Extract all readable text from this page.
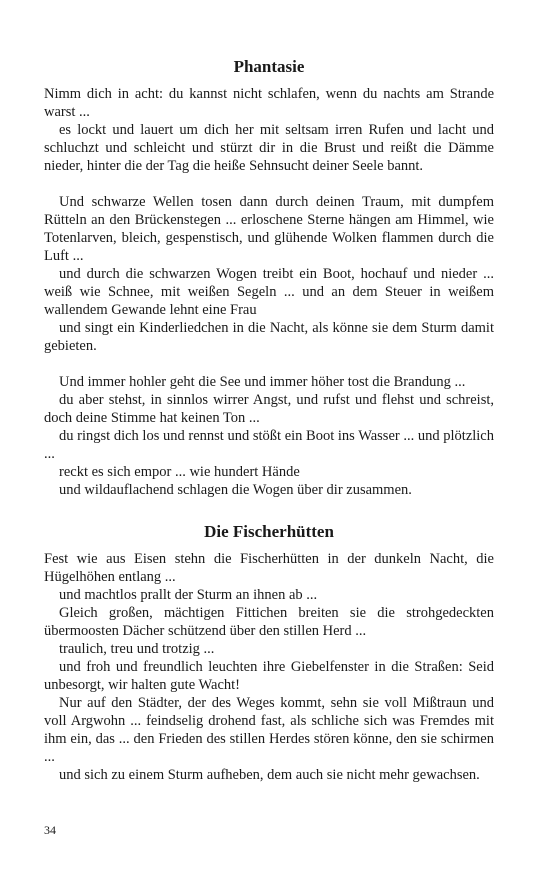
Phantasie

Nimm dich in acht: du kannst nicht schlafen, wenn du nachts am Strande warst ...

es lockt und lauert um dich her mit seltsam irren Rufen und lacht und schluchzt und schleicht und stürzt dir in die Brust und reißt die Dämme nieder, hinter die der Tag die heiße Sehnsucht deiner Seele bannt.

Und schwarze Wellen tosen dann durch deinen Traum, mit dumpfem Rütteln an den Brückenstegen ... erloschene Sterne hängen am Himmel, wie Totenlarven, bleich, gespenstisch, und glühende Wolken flammen durch die Luft ...

und durch die schwarzen Wogen treibt ein Boot, hochauf und nieder ... weiß wie Schnee, mit weißen Segeln ... und an dem Steuer in weißem wallendem Gewande lehnt eine Frau

und singt ein Kinderliedchen in die Nacht, als könne sie dem Sturm damit gebieten.

Und immer hohler geht die See und immer höher tost die Brandung ...

du aber stehst, in sinnlos wirrer Angst, und rufst und flehst und schreist, doch deine Stimme hat keinen Ton ...

du ringst dich los und rennst und stößt ein Boot ins Wasser ... und plötzlich ...

reckt es sich empor ... wie hundert Hände

und wildauflachend schlagen die Wogen über dir zusammen.

Die Fischerhütten

Fest wie aus Eisen stehn die Fischerhütten in der dunkeln Nacht, die Hügelhöhen entlang ...

und machtlos prallt der Sturm an ihnen ab ...

Gleich großen, mächtigen Fittichen breiten sie die strohgedeckten übermoosten Dächer schützend über den stillen Herd ...

traulich, treu und trotzig ...

und froh und freundlich leuchten ihre Giebelfenster in die Straßen: Seid unbesorgt, wir halten gute Wacht!

Nur auf den Städter, der des Weges kommt, sehn sie voll Mißtraun und voll Argwohn ... feindselig drohend fast, als schliche sich was Fremdes mit ihm ein, das ... den Frieden des stillen Herdes stören könne, den sie schirmen ...

und sich zu einem Sturm aufheben, dem auch sie nicht mehr gewachsen.

34
